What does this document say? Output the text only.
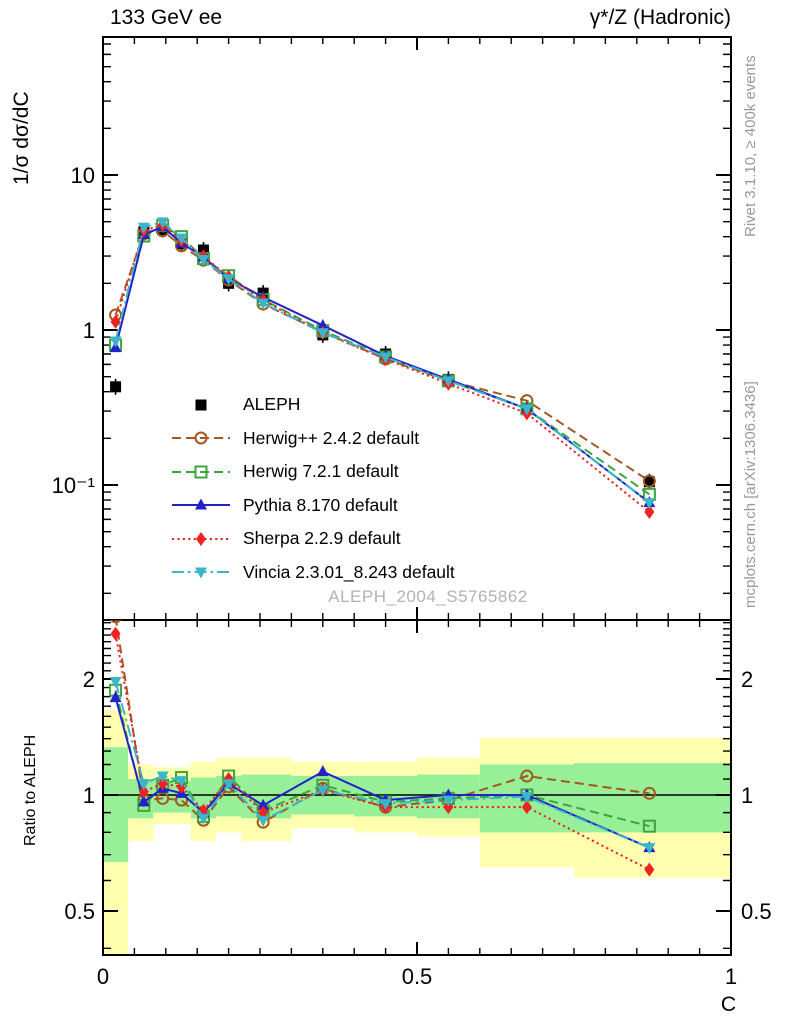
133 GeV ee	γ*/Z (Hadronic)
1/σ dσ/dC
Ratio to ALEPH
Rivet 3.1.10, ≥ 400k events
mcplots.cern.ch [arXiv:1306.3436]
ALEPH_2004_S5765862
C
10
1
10⁻¹
2	2
1	1
0.5	0.5
0	0.5	1
ALEPH
Herwig++ 2.4.2 default
Herwig 7.2.1 default
Pythia 8.170 default
Sherpa 2.2.9 default
Vincia 2.3.01_8.243 default
